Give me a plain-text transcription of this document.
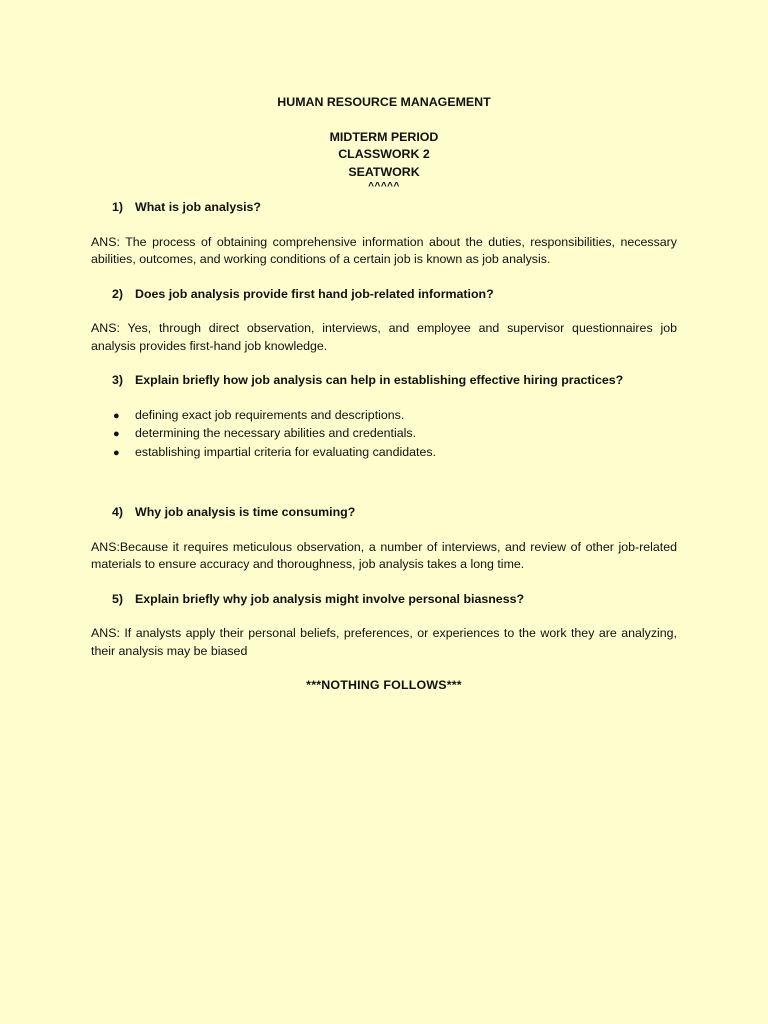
HUMAN RESOURCE MANAGEMENT
MIDTERM PERIOD
CLASSWORK 2
SEATWORK
^^^^^
1) What is job analysis?
ANS: The process of obtaining comprehensive information about the duties, responsibilities, necessary abilities, outcomes, and working conditions of a certain job is known as job analysis.
2) Does job analysis provide first hand job-related information?
ANS: Yes, through direct observation, interviews, and employee and supervisor questionnaires job analysis provides first-hand job knowledge.
3) Explain briefly how job analysis can help in establishing effective hiring practices?
●	defining exact job requirements and descriptions.
●	determining the necessary abilities and credentials.
●	establishing impartial criteria for evaluating candidates.
4) Why job analysis is time consuming?
ANS:Because it requires meticulous observation, a number of interviews, and review of other job-related materials to ensure accuracy and thoroughness, job analysis takes a long time.
5) Explain briefly why job analysis might involve personal biasness?
ANS: If analysts apply their personal beliefs, preferences, or experiences to the work they are analyzing, their analysis may be biased
***NOTHING FOLLOWS***
